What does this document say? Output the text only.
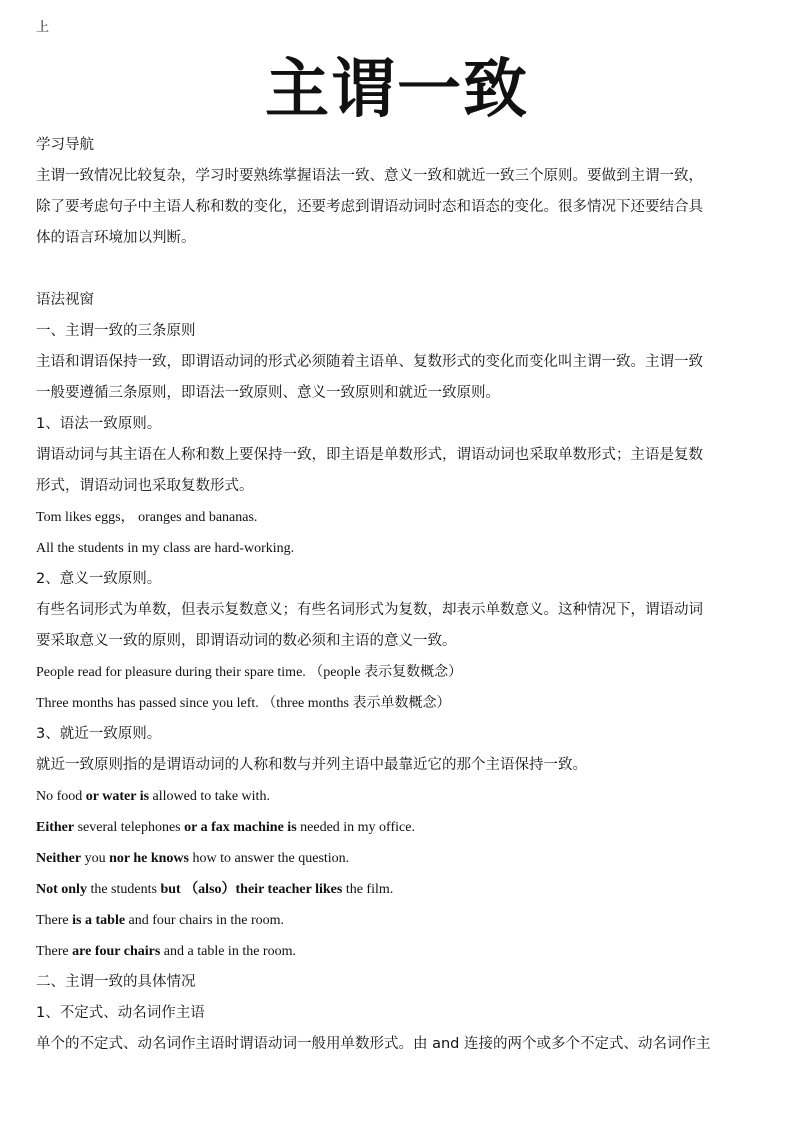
上
主谓一致
学习导航
主谓一致情况比较复杂，学习时要熟练掌握语法一致、意义一致和就近一致三个原则。要做到主谓一致，
除了要考虑句子中主语人称和数的变化，还要考虑到谓语动词时态和语态的变化。很多情况下还要结合具
体的语言环境加以判断。
语法视窗
一、主谓一致的三条原则
主语和谓语保持一致，即谓语动词的形式必须随着主语单、复数形式的变化而变化叫主谓一致。主谓一致
一般要遵循三条原则，即语法一致原则、意义一致原则和就近一致原则。
1、语法一致原则。
谓语动词与其主语在人称和数上要保持一致，即主语是单数形式，谓语动词也采取单数形式；主语是复数
形式，谓语动词也采取复数形式。
Tom likes eggs， oranges and bananas.
All the students in my class are hard-working.
2、意义一致原则。
有些名词形式为单数，但表示复数意义；有些名词形式为复数，却表示单数意义。这种情况下，谓语动词
要采取意义一致的原则，即谓语动词的数必须和主语的意义一致。
People read for pleasure during their spare time. （people 表示复数概念）
Three months has passed since you left. （three months 表示单数概念）
3、就近一致原则。
就近一致原则指的是谓语动词的人称和数与并列主语中最靠近它的那个主语保持一致。
No food or water is allowed to take with.
Either several telephones or a fax machine is needed in my office.
Neither you nor he knows how to answer the question.
Not only the students but （also）their teacher likes the film.
There is a table and four chairs in the room.
There are four chairs and a table in the room.
二、主谓一致的具体情况
1、不定式、动名词作主语
单个的不定式、动名词作主语时谓语动词一般用单数形式。由 and 连接的两个或多个不定式、动名词作主
